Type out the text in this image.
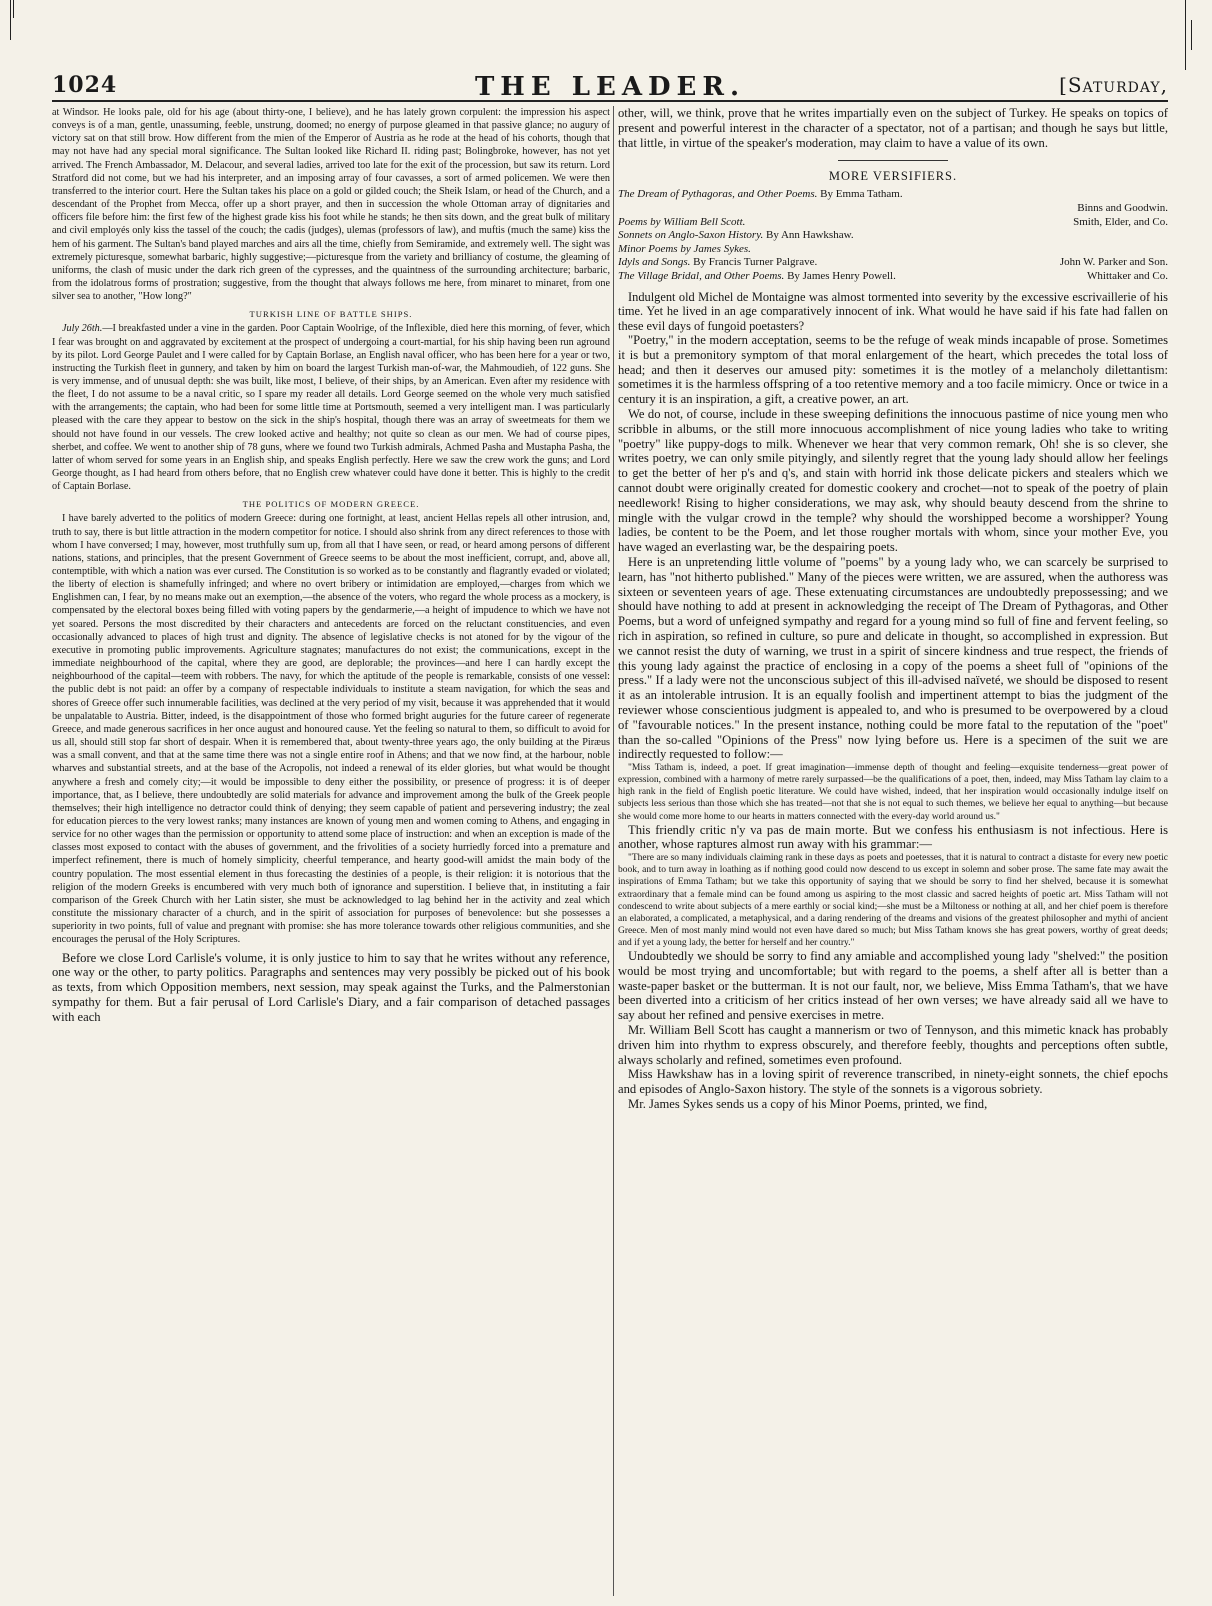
1024	THE LEADER.	[Saturday,

at Windsor. He looks pale, old for his age (about thirty-one, I believe), and he has lately grown corpulent: the impression his aspect conveys is of a man, gentle, unassuming, feeble, unstrung, doomed; no energy of purpose gleamed in that passive glance; no augury of victory sat on that still brow. How different from the mien of the Emperor of Austria as he rode at the head of his cohorts, though that may not have had any special moral significance. The Sultan looked like Richard II. riding past; Bolingbroke, however, has not yet arrived. The French Ambassador, M. Delacour, and several ladies, arrived too late for the exit of the procession, but saw its return. Lord Stratford did not come, but we had his interpreter, and an imposing array of four cavasses, a sort of armed policemen. We were then transferred to the interior court. Here the Sultan takes his place on a gold or gilded couch; the Sheik Islam, or head of the Church, and a descendant of the Prophet from Mecca, offer up a short prayer, and then in succession the whole Ottoman array of dignitaries and officers file before him: the first few of the highest grade kiss his foot while he stands; he then sits down, and the great bulk of military and civil employés only kiss the tassel of the couch; the cadis (judges), ulemas (professors of law), and muftis (much the same) kiss the hem of his garment. The Sultan's band played marches and airs all the time, chiefly from Semiramide, and extremely well. The sight was extremely picturesque, somewhat barbaric, highly suggestive;—picturesque from the variety and brilliancy of costume, the gleaming of uniforms, the clash of music under the dark rich green of the cypresses, and the quaintness of the surrounding architecture; barbaric, from the idolatrous forms of prostration; suggestive, from the thought that always follows me here, from minaret to minaret, from one silver sea to another, "How long?"

TURKISH LINE OF BATTLE SHIPS.

July 26th.—I breakfasted under a vine in the garden. Poor Captain Woolrige, of the Inflexible, died here this morning, of fever, which I fear was brought on and aggravated by excitement at the prospect of undergoing a court-martial, for his ship having been run aground by its pilot. Lord George Paulet and I were called for by Captain Borlase, an English naval officer, who has been here for a year or two, instructing the Turkish fleet in gunnery, and taken by him on board the largest Turkish man-of-war, the Mahmoudieh, of 122 guns. She is very immense, and of unusual depth: she was built, like most, I believe, of their ships, by an American. Even after my residence with the fleet, I do not assume to be a naval critic, so I spare my reader all details. Lord George seemed on the whole very much satisfied with the arrangements; the captain, who had been for some little time at Portsmouth, seemed a very intelligent man. I was particularly pleased with the care they appear to bestow on the sick in the ship's hospital, though there was an array of sweetmeats for them we should not have found in our vessels. The crew looked active and healthy; not quite so clean as our men. We had of course pipes, sherbet, and coffee. We went to another ship of 78 guns, where we found two Turkish admirals, Achmed Pasha and Mustapha Pasha, the latter of whom served for some years in an English ship, and speaks English perfectly. Here we saw the crew work the guns; and Lord George thought, as I had heard from others before, that no English crew whatever could have done it better. This is highly to the credit of Captain Borlase.

THE POLITICS OF MODERN GREECE.

I have barely adverted to the politics of modern Greece: during one fortnight, at least, ancient Hellas repels all other intrusion, and, truth to say, there is but little attraction in the modern competitor for notice. I should also shrink from any direct references to those with whom I have conversed; I may, however, most truthfully sum up, from all that I have seen, or read, or heard among persons of different nations, stations, and principles, that the present Government of Greece seems to be about the most inefficient, corrupt, and, above all, contemptible, with which a nation was ever cursed. The Constitution is so worked as to be constantly and flagrantly evaded or violated; the liberty of election is shamefully infringed; and where no overt bribery or intimidation are employed,—charges from which we Englishmen can, I fear, by no means make out an exemption,—the absence of the voters, who regard the whole process as a mockery, is compensated by the electoral boxes being filled with voting papers by the gendarmerie,—a height of impudence to which we have not yet soared. Persons the most discredited by their characters and antecedents are forced on the reluctant constituencies, and even occasionally advanced to places of high trust and dignity. The absence of legislative checks is not atoned for by the vigour of the executive in promoting public improvements. Agriculture stagnates; manufactures do not exist; the communications, except in the immediate neighbourhood of the capital, where they are good, are deplorable; the provinces—and here I can hardly except the neighbourhood of the capital—teem with robbers. The navy, for which the aptitude of the people is remarkable, consists of one vessel: the public debt is not paid: an offer by a company of respectable individuals to institute a steam navigation, for which the seas and shores of Greece offer such innumerable facilities, was declined at the very period of my visit, because it was apprehended that it would be unpalatable to Austria. Bitter, indeed, is the disappointment of those who formed bright auguries for the future career of regenerate Greece, and made generous sacrifices in her once august and honoured cause. Yet the feeling so natural to them, so difficult to avoid for us all, should still stop far short of despair. When it is remembered that, about twenty-three years ago, the only building at the Piræus was a small convent, and that at the same time there was not a single entire roof in Athens; and that we now find, at the harbour, noble wharves and substantial streets, and at the base of the Acropolis, not indeed a renewal of its elder glories, but what would be thought anywhere a fresh and comely city;—it would be impossible to deny either the possibility, or presence of progress: it is of deeper importance, that, as I believe, there undoubtedly are solid materials for advance and improvement among the bulk of the Greek people themselves; their high intelligence no detractor could think of denying; they seem capable of patient and persevering industry; the zeal for education pierces to the very lowest ranks; many instances are known of young men and women coming to Athens, and engaging in service for no other wages than the permission or opportunity to attend some place of instruction: and when an exception is made of the classes most exposed to contact with the abuses of government, and the frivolities of a society hurriedly forced into a premature and imperfect refinement, there is much of homely simplicity, cheerful temperance, and hearty good-will amidst the main body of the country population. The most essential element in thus forecasting the destinies of a people, is their religion: it is notorious that the religion of the modern Greeks is encumbered with very much both of ignorance and superstition. I believe that, in instituting a fair comparison of the Greek Church with her Latin sister, she must be acknowledged to lag behind her in the activity and zeal which constitute the missionary character of a church, and in the spirit of association for purposes of benevolence: but she possesses a superiority in two points, full of value and pregnant with promise: she has more tolerance towards other religious communities, and she encourages the perusal of the Holy Scriptures.

Before we close Lord Carlisle's volume, it is only justice to him to say that he writes without any reference, one way or the other, to party politics. Paragraphs and sentences may very possibly be picked out of his book as texts, from which Opposition members, next session, may speak against the Turks, and the Palmerstonian sympathy for them. But a fair perusal of Lord Carlisle's Diary, and a fair comparison of detached passages with each

other, will, we think, prove that he writes impartially even on the subject of Turkey. He speaks on topics of present and powerful interest in the character of a spectator, not of a partisan; and though he says but little, that little, in virtue of the speaker's moderation, may claim to have a value of its own.

MORE VERSIFIERS.
The Dream of Pythagoras, and Other Poems. By Emma Tatham.
Binns and Goodwin.
Poems by William Bell Scott.	Smith, Elder, and Co.
Sonnets on Anglo-Saxon History. By Ann Hawkshaw.
Minor Poems by James Sykes.
Idyls and Songs. By Francis Turner Palgrave.	John W. Parker and Son.
The Village Bridal, and Other Poems. By James Henry Powell.	Whittaker and Co.

Indulgent old Michel de Montaigne was almost tormented into severity by the excessive escrivaillerie of his time. Yet he lived in an age comparatively innocent of ink. What would he have said if his fate had fallen on these evil days of fungoid poetasters?

"Poetry," in the modern acceptation, seems to be the refuge of weak minds incapable of prose. Sometimes it is but a premonitory symptom of that moral enlargement of the heart, which precedes the total loss of head; and then it deserves our amused pity: sometimes it is the motley of a melancholy dilettantism: sometimes it is the harmless offspring of a too retentive memory and a too facile mimicry. Once or twice in a century it is an inspiration, a gift, a creative power, an art.

We do not, of course, include in these sweeping definitions the innocuous pastime of nice young men who scribble in albums, or the still more innocuous accomplishment of nice young ladies who take to writing "poetry" like puppy-dogs to milk. Whenever we hear that very common remark, Oh! she is so clever, she writes poetry, we can only smile pityingly, and silently regret that the young lady should allow her feelings to get the better of her p's and q's, and stain with horrid ink those delicate pickers and stealers which we cannot doubt were originally created for domestic cookery and crochet—not to speak of the poetry of plain needlework! Rising to higher considerations, we may ask, why should beauty descend from the shrine to mingle with the vulgar crowd in the temple? why should the worshipped become a worshipper? Young ladies, be content to be the Poem, and let those rougher mortals with whom, since your mother Eve, you have waged an everlasting war, be the despairing poets.

Here is an unpretending little volume of "poems" by a young lady who, we can scarcely be surprised to learn, has "not hitherto published." Many of the pieces were written, we are assured, when the authoress was sixteen or seventeen years of age. These extenuating circumstances are undoubtedly prepossessing; and we should have nothing to add at present in acknowledging the receipt of The Dream of Pythagoras, and Other Poems, but a word of unfeigned sympathy and regard for a young mind so full of fine and fervent feeling, so rich in aspiration, so refined in culture, so pure and delicate in thought, so accomplished in expression. But we cannot resist the duty of warning, we trust in a spirit of sincere kindness and true respect, the friends of this young lady against the practice of enclosing in a copy of the poems a sheet full of "opinions of the press." If a lady were not the unconscious subject of this ill-advised naïveté, we should be disposed to resent it as an intolerable intrusion. It is an equally foolish and impertinent attempt to bias the judgment of the reviewer whose conscientious judgment is appealed to, and who is presumed to be overpowered by a cloud of "favourable notices." In the present instance, nothing could be more fatal to the reputation of the "poet" than the so-called "Opinions of the Press" now lying before us. Here is a specimen of the suit we are indirectly requested to follow:—

"Miss Tatham is, indeed, a poet. If great imagination—immense depth of thought and feeling—exquisite tenderness—great power of expression, combined with a harmony of metre rarely surpassed—be the qualifications of a poet, then, indeed, may Miss Tatham lay claim to a high rank in the field of English poetic literature. We could have wished, indeed, that her inspiration would occasionally indulge itself on subjects less serious than those which she has treated—not that she is not equal to such themes, we believe her equal to anything—but because she would come more home to our hearts in matters connected with the every-day world around us."

This friendly critic n'y va pas de main morte. But we confess his enthusiasm is not infectious. Here is another, whose raptures almost run away with his grammar:—

"There are so many individuals claiming rank in these days as poets and poetesses, that it is natural to contract a distaste for every new poetic book, and to turn away in loathing as if nothing good could now descend to us except in solemn and sober prose. The same fate may await the inspirations of Emma Tatham; but we take this opportunity of saying that we should be sorry to find her shelved, because it is somewhat extraordinary that a female mind can be found among us aspiring to the most classic and sacred heights of poetic art. Miss Tatham will not condescend to write about subjects of a mere earthly or social kind;—she must be a Miltoness or nothing at all, and her chief poem is therefore an elaborated, a complicated, a metaphysical, and a daring rendering of the dreams and visions of the greatest philosopher and mythi of ancient Greece. Men of most manly mind would not even have dared so much; but Miss Tatham knows she has great powers, worthy of great deeds; and if yet a young lady, the better for herself and her country."

Undoubtedly we should be sorry to find any amiable and accomplished young lady "shelved:" the position would be most trying and uncomfortable; but with regard to the poems, a shelf after all is better than a waste-paper basket or the butterman. It is not our fault, nor, we believe, Miss Emma Tatham's, that we have been diverted into a criticism of her critics instead of her own verses; we have already said all we have to say about her refined and pensive exercises in metre.

Mr. William Bell Scott has caught a mannerism or two of Tennyson, and this mimetic knack has probably driven him into rhythm to express obscurely, and therefore feebly, thoughts and perceptions often subtle, always scholarly and refined, sometimes even profound.

Miss Hawkshaw has in a loving spirit of reverence transcribed, in ninety-eight sonnets, the chief epochs and episodes of Anglo-Saxon history. The style of the sonnets is a vigorous sobriety.

Mr. James Sykes sends us a copy of his Minor Poems, printed, we find,
